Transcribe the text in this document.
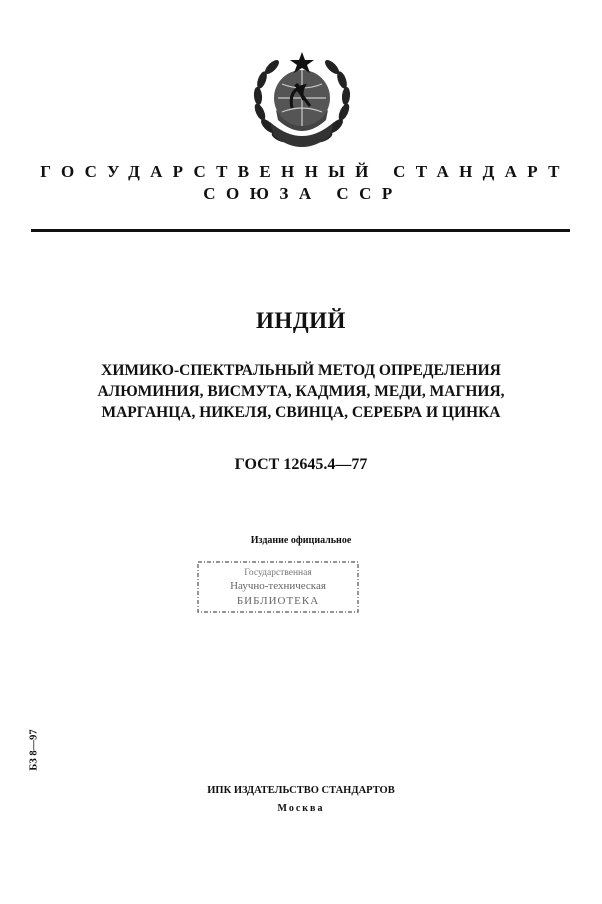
ГОСУДАРСТВЕННЫЙ СТАНДАРТ
СОЮЗА ССР
ИНДИЙ
ХИМИКО-СПЕКТРАЛЬНЫЙ МЕТОД ОПРЕДЕЛЕНИЯ
АЛЮМИНИЯ, ВИСМУТА, КАДМИЯ, МЕДИ, МАГНИЯ,
МАРГАНЦА, НИКЕЛЯ, СВИНЦА, СЕРЕБРА И ЦИНКА
ГОСТ 12645.4—77
Издание официальное
Государственная
Научно-техническая
БИБЛИОТЕКА
БЗ 8—97
ИПК ИЗДАТЕЛЬСТВО СТАНДАРТОВ
Москва
